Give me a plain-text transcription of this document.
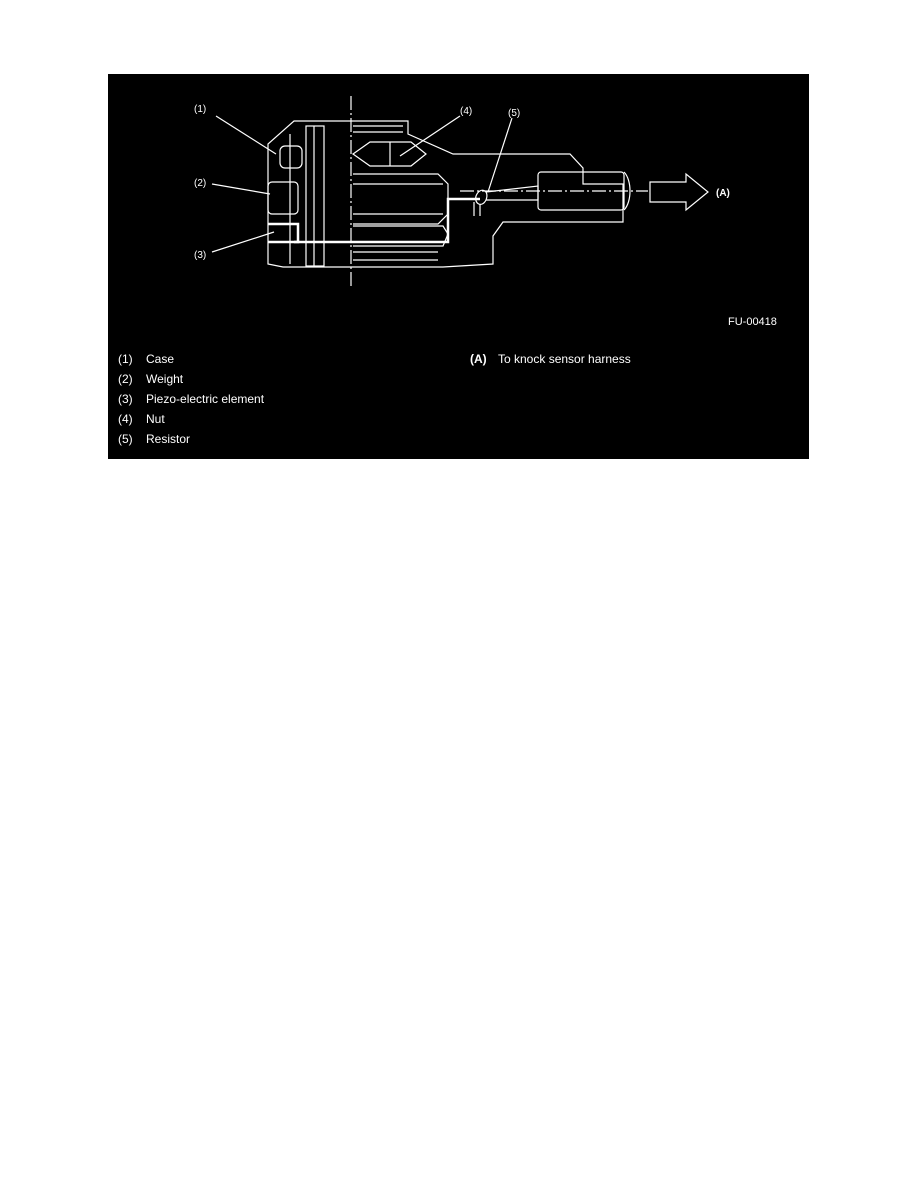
(1)
(2)
(3)
(4)	(5)
(A)
FU-00418
(1) Case
(2) Weight
(3) Piezo-electric element
(4) Nut
(5) Resistor
(A) To knock sensor harness
